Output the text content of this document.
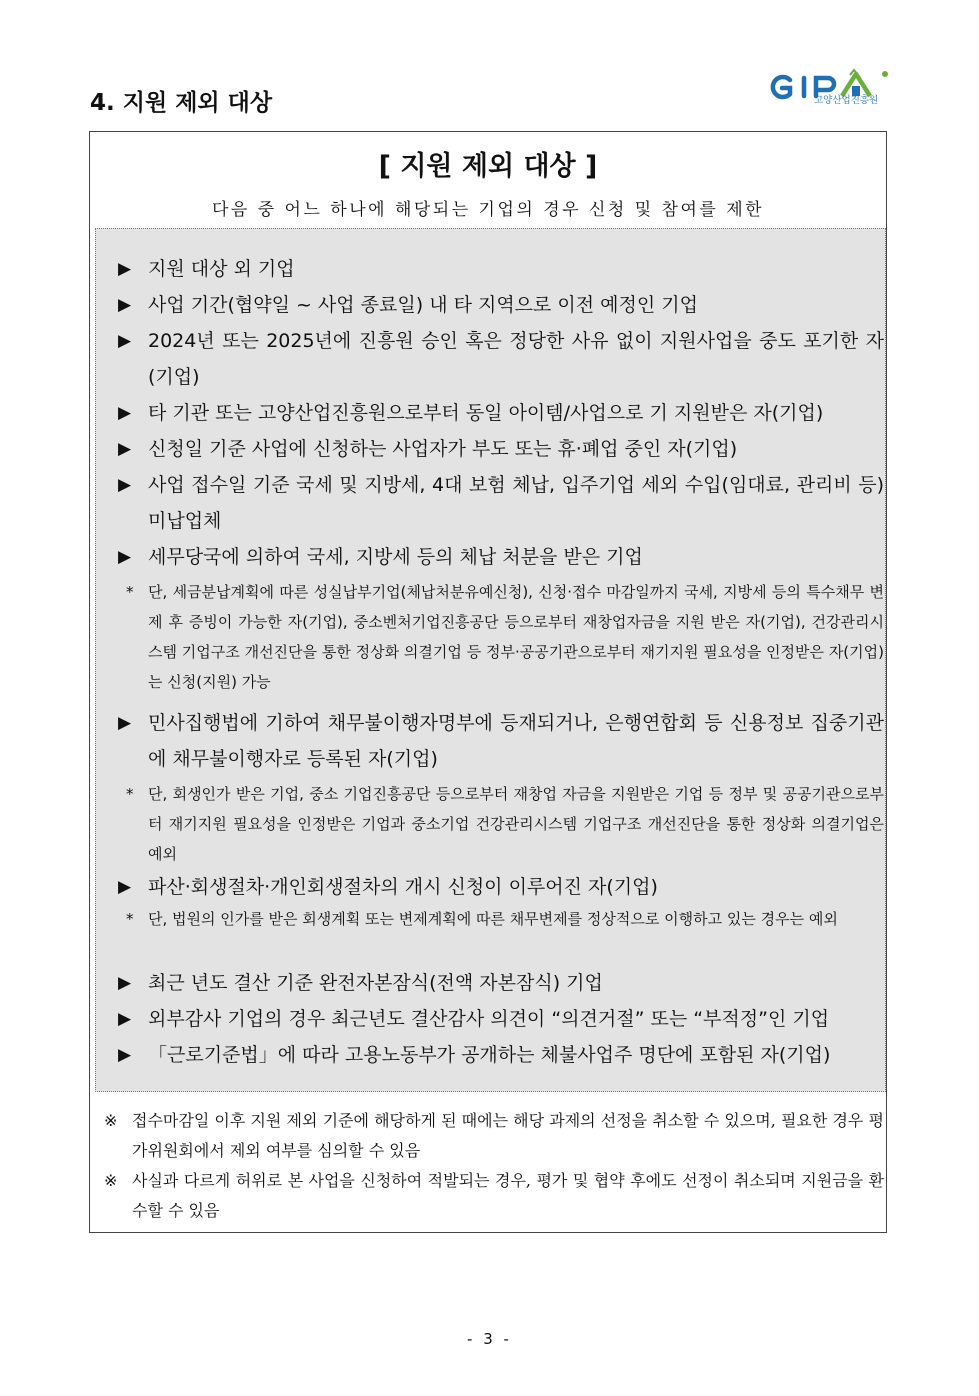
4. 지원 제외 대상	고양산업진흥원
[ 지원 제외 대상 ]
다음 중 어느 하나에 해당되는 기업의 경우 신청 및 참여를 제한
▶ 지원 대상 외 기업
▶ 사업 기간(협약일 ~ 사업 종료일) 내 타 지역으로 이전 예정인 기업
▶ 2024년 또는 2025년에 진흥원 승인 혹은 정당한 사유 없이 지원사업을 중도 포기한 자(기업)
▶ 타 기관 또는 고양산업진흥원으로부터 동일 아이템/사업으로 기 지원받은 자(기업)
▶ 신청일 기준 사업에 신청하는 사업자가 부도 또는 휴·폐업 중인 자(기업)
▶ 사업 접수일 기준 국세 및 지방세, 4대 보험 체납, 입주기업 세외 수입(임대료, 관리비 등) 미납업체
▶ 세무당국에 의하여 국세, 지방세 등의 체납 처분을 받은 기업
* 단, 세금분납계획에 따른 성실납부기업(체납처분유예신청), 신청·접수 마감일까지 국세, 지방세 등의 특수채무 변제 후 증빙이 가능한 자(기업), 중소벤처기업진흥공단 등으로부터 재창업자금을 지원 받은 자(기업), 건강관리시스템 기업구조 개선진단을 통한 정상화 의결기업 등 정부‧공공기관으로부터 재기지원 필요성을 인정받은 자(기업)는 신청(지원) 가능
▶ 민사집행법에 기하여 채무불이행자명부에 등재되거나, 은행연합회 등 신용정보 집중기관에 채무불이행자로 등록된 자(기업)
* 단, 회생인가 받은 기업, 중소 기업진흥공단 등으로부터 재창업 자금을 지원받은 기업 등 정부 및 공공기관으로부터 재기지원 필요성을 인정받은 기업과 중소기업 건강관리시스템 기업구조 개선진단을 통한 정상화 의결기업은 예외
▶ 파산·회생절차·개인회생절차의 개시 신청이 이루어진 자(기업)
* 단, 법원의 인가를 받은 회생계획 또는 변제계획에 따른 채무변제를 정상적으로 이행하고 있는 경우는 예외
▶ 최근 년도 결산 기준 완전자본잠식(전액 자본잠식) 기업
▶ 외부감사 기업의 경우 최근년도 결산감사 의견이 “의견거절” 또는 “부적정”인 기업
▶ 「근로기준법」에 따라 고용노동부가 공개하는 체불사업주 명단에 포함된 자(기업)
※ 접수마감일 이후 지원 제외 기준에 해당하게 된 때에는 해당 과제의 선정을 취소할 수 있으며, 필요한 경우 평가위원회에서 제외 여부를 심의할 수 있음
※ 사실과 다르게 허위로 본 사업을 신청하여 적발되는 경우, 평가 및 협약 후에도 선정이 취소되며 지원금을 환수할 수 있음
- 3 -
